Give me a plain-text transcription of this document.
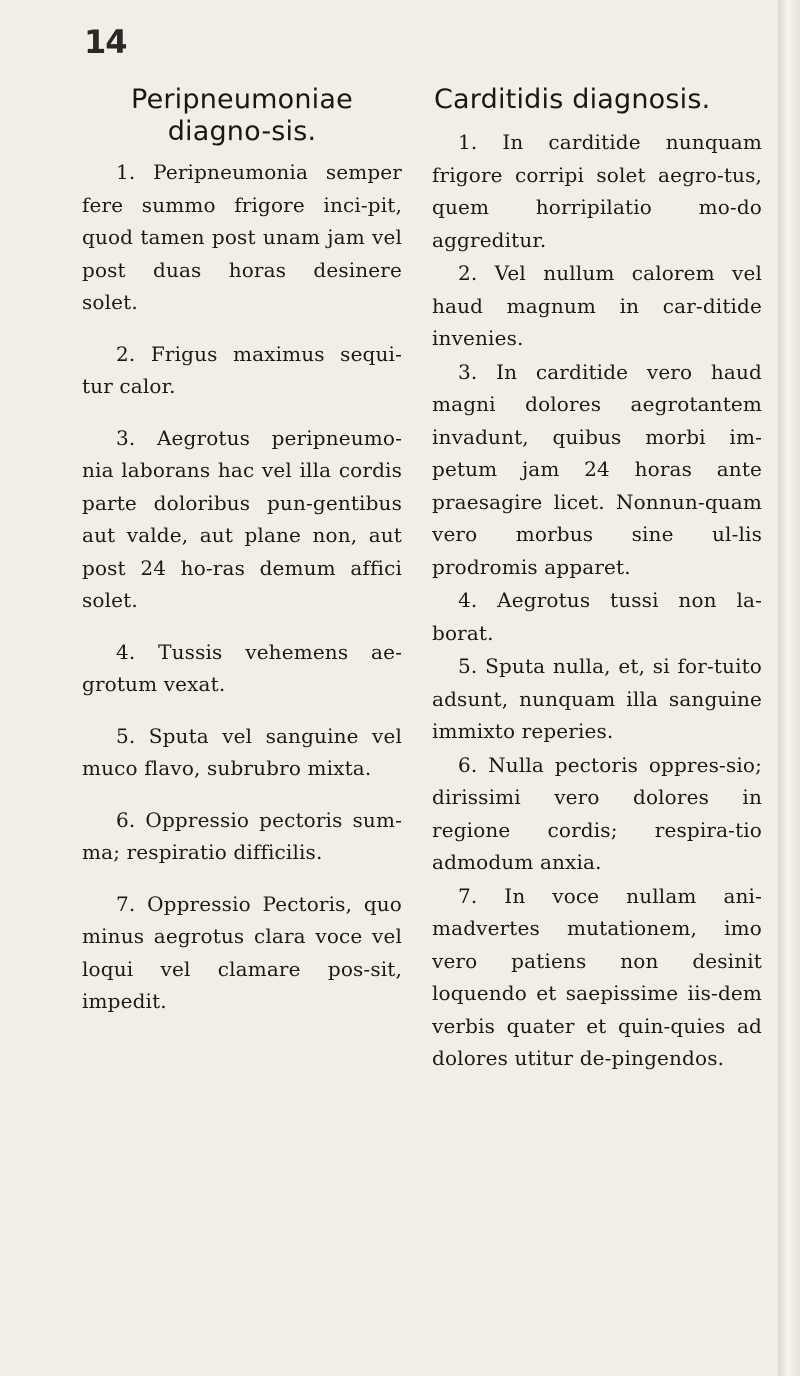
14

Peripneumoniae diagno-sis.
1. Peripneumonia semper fere summo frigore inci-pit, quod tamen post unam jam vel post duas horas desinere solet.
2. Frigus maximus sequi-tur calor.
3. Aegrotus peripneumo-nia laborans hac vel illa cordis parte doloribus pun-gentibus aut valde, aut plane non, aut post 24 ho-ras demum affici solet.
4. Tussis vehemens ae-grotum vexat.
5. Sputa vel sanguine vel muco flavo, subrubro mixta.
6. Oppressio pectoris sum-ma; respiratio difficilis.
7. Oppressio Pectoris, quo minus aegrotus clara voce vel loqui vel clamare pos-sit, impedit.
Carditidis diagnosis.
1. In carditide nunquam frigore corripi solet aegro-tus, quem horripilatio mo-do aggreditur.
2. Vel nullum calorem vel haud magnum in car-ditide invenies.
3. In carditide vero haud magni dolores aegrotantem invadunt, quibus morbi im-petum jam 24 horas ante praesagire licet. Nonnun-quam vero morbus sine ul-lis prodromis apparet.
4. Aegrotus tussi non la-borat.
5. Sputa nulla, et, si for-tuito adsunt, nunquam illa sanguine immixto reperies.
6. Nulla pectoris oppres-sio; dirissimi vero dolores in regione cordis; respira-tio admodum anxia.
7. In voce nullam ani-madvertes mutationem, imo vero patiens non desinit loquendo et saepissime iis-dem verbis quater et quin-quies ad dolores utitur de-pingendos.
